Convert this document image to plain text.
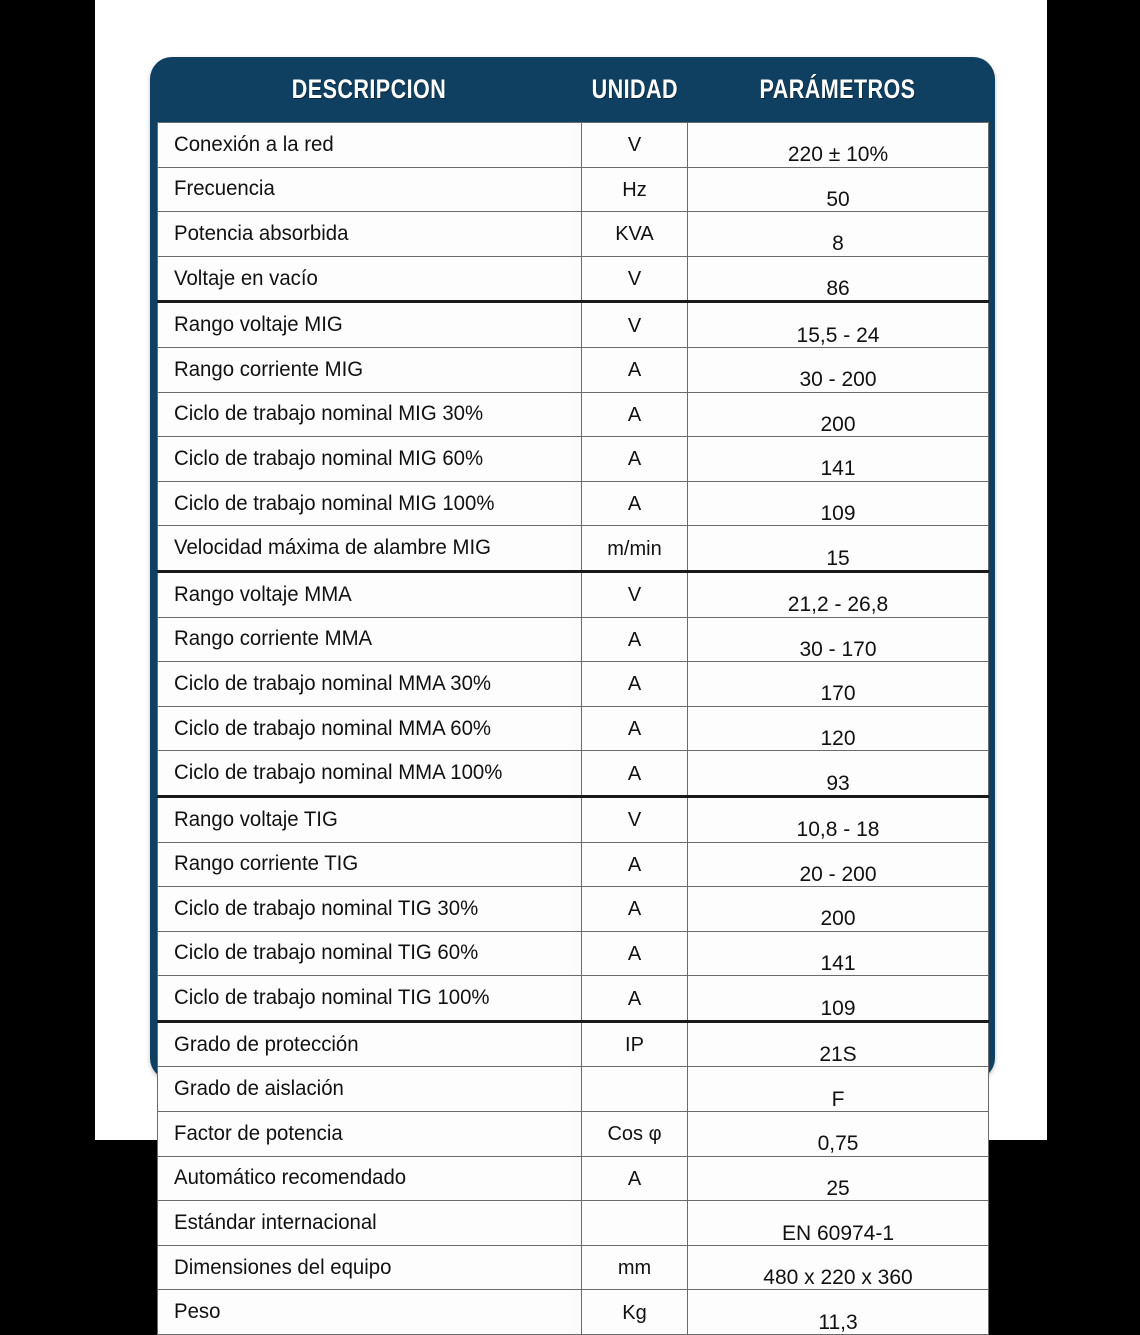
DESCRIPCION	UNIDAD	PARÁMETROS
Conexión a la red	V	220 ± 10%

Frecuencia	Hz	50

Potencia absorbida	KVA	8

Voltaje en vacío	V	86

Rango voltaje MIG	V	15,5 - 24

Rango corriente MIG	A	30 - 200

Ciclo de trabajo nominal MIG 30%	A	200

Ciclo de trabajo nominal MIG 60%	A	141

Ciclo de trabajo nominal MIG 100%	A	109

Velocidad máxima de alambre MIG	m/min	15

Rango voltaje MMA	V	21,2 - 26,8

Rango corriente MMA	A	30 - 170

Ciclo de trabajo nominal MMA 30%	A	170

Ciclo de trabajo nominal MMA 60%	A	120

Ciclo de trabajo nominal MMA 100%	A	93

Rango voltaje TIG	V	10,8 - 18

Rango corriente TIG	A	20 - 200

Ciclo de trabajo nominal TIG 30%	A	200

Ciclo de trabajo nominal TIG 60%	A	141

Ciclo de trabajo nominal TIG 100%	A	109

Grado de protección	IP	21S

Grado de aislación		F

Factor de potencia	Cos φ	0,75

Automático recomendado	A	25

Estándar internacional		EN 60974-1

Dimensiones del equipo	mm	480 x 220 x 360

Peso	Kg	11,3
